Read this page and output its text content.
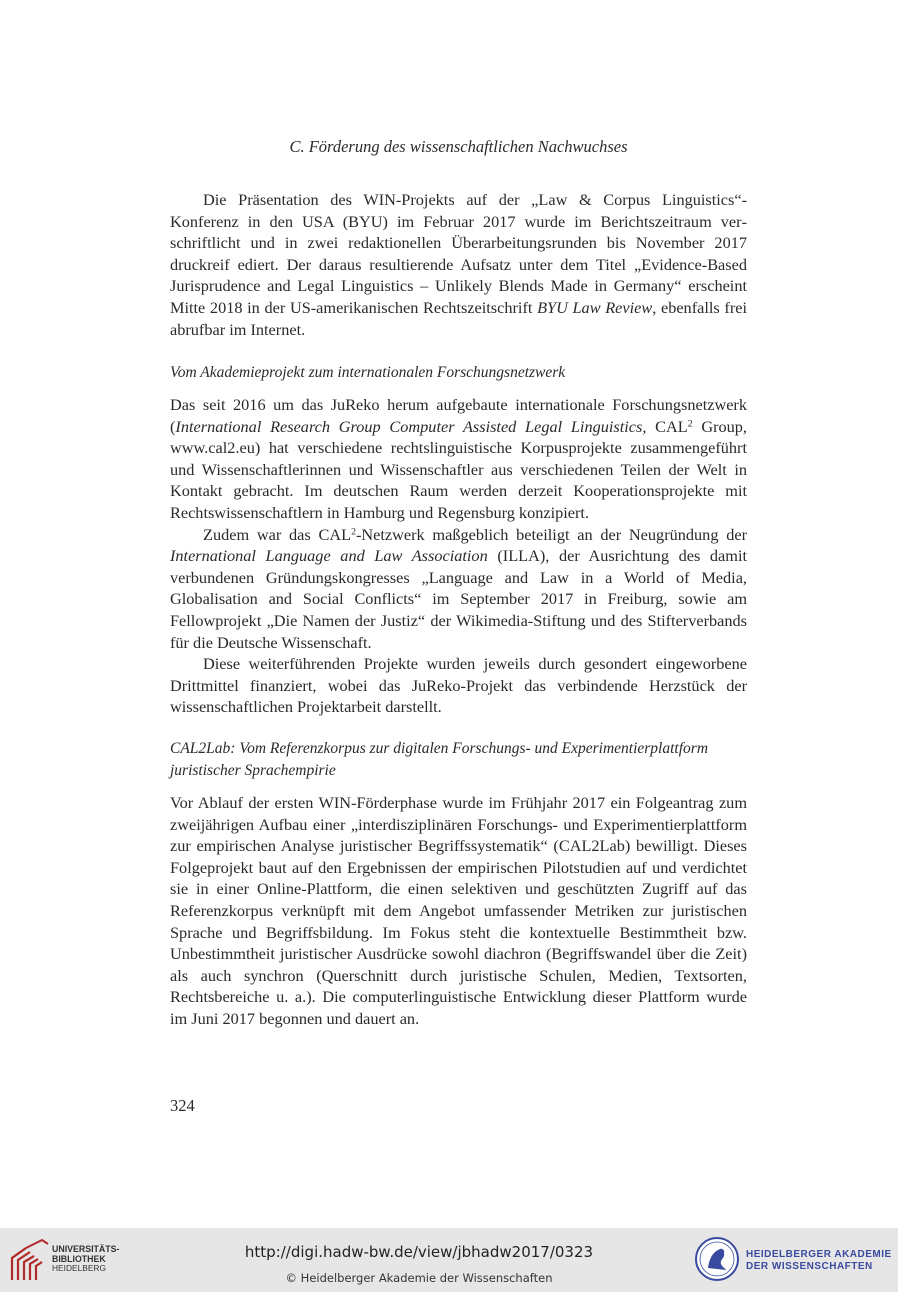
C. Förderung des wissenschaftlichen Nachwuchses

Die Präsentation des WIN-Projekts auf der „Law & Corpus Linguistics“-Konferenz in den USA (BYU) im Februar 2017 wurde im Berichtszeitraum verschriftlicht und in zwei redaktionellen Überarbeitungsrunden bis November 2017 druckreif ediert. Der daraus resultierende Aufsatz unter dem Titel „Evidence-Based Jurisprudence and Legal Linguistics – Unlikely Blends Made in Germany“ erscheint Mitte 2018 in der US-amerikanischen Rechtszeitschrift BYU Law Review, ebenfalls frei abrufbar im Internet.

Vom Akademieprojekt zum internationalen Forschungsnetzwerk

Das seit 2016 um das JuReko herum aufgebaute internationale Forschungsnetzwerk (International Research Group Computer Assisted Legal Linguistics, CAL$^2$ Group, www.cal2.eu) hat verschiedene rechtslinguistische Korpusprojekte zusammengeführt und Wissenschaftlerinnen und Wissenschaftler aus verschiedenen Teilen der Welt in Kontakt gebracht. Im deutschen Raum werden derzeit Kooperationsprojekte mit Rechtswissenschaftlern in Hamburg und Regensburg konzipiert.

Zudem war das CAL$^2$-Netzwerk maßgeblich beteiligt an der Neugründung der International Language and Law Association (ILLA), der Ausrichtung des damit verbundenen Gründungskongresses „Language and Law in a World of Media, Globalisation and Social Conflicts“ im September 2017 in Freiburg, sowie am Fellowprojekt „Die Namen der Justiz“ der Wikimedia-Stiftung und des Stifterverbands für die Deutsche Wissenschaft.

Diese weiterführenden Projekte wurden jeweils durch gesondert eingeworbene Drittmittel finanziert, wobei das JuReko-Projekt das verbindende Herzstück der wissenschaftlichen Projektarbeit darstellt.

CAL2Lab: Vom Referenzkorpus zur digitalen Forschungs- und Experimentierplattform
juristischer Sprachempirie

Vor Ablauf der ersten WIN-Förderphase wurde im Frühjahr 2017 ein Folgeantrag zum zweijährigen Aufbau einer „interdisziplinären Forschungs- und Experimentierplattform zur empirischen Analyse juristischer Begriffssystematik“ (CAL2Lab) bewilligt. Dieses Folgeprojekt baut auf den Ergebnissen der empirischen Pilotstudien auf und verdichtet sie in einer Online-Plattform, die einen selektiven und geschützten Zugriff auf das Referenzkorpus verknüpft mit dem Angebot umfassender Metriken zur juristischen Sprache und Begriffsbildung. Im Fokus steht die kontextuelle Bestimmtheit bzw. Unbestimmtheit juristischer Ausdrücke sowohl diachron (Begriffswandel über die Zeit) als auch synchron (Querschnitt durch juristische Schulen, Medien, Textsorten, Rechtsbereiche u. a.). Die computerlinguistische Entwicklung dieser Plattform wurde im Juni 2017 begonnen und dauert an.

324
UNIVERSITÄTS-
BIBLIOTHEK
HEIDELBERG
http://digi.hadw-bw.de/view/jbhadw2017/0323
© Heidelberger Akademie der Wissenschaften
HEIDELBERGER AKADEMIE
DER WISSENSCHAFTEN
